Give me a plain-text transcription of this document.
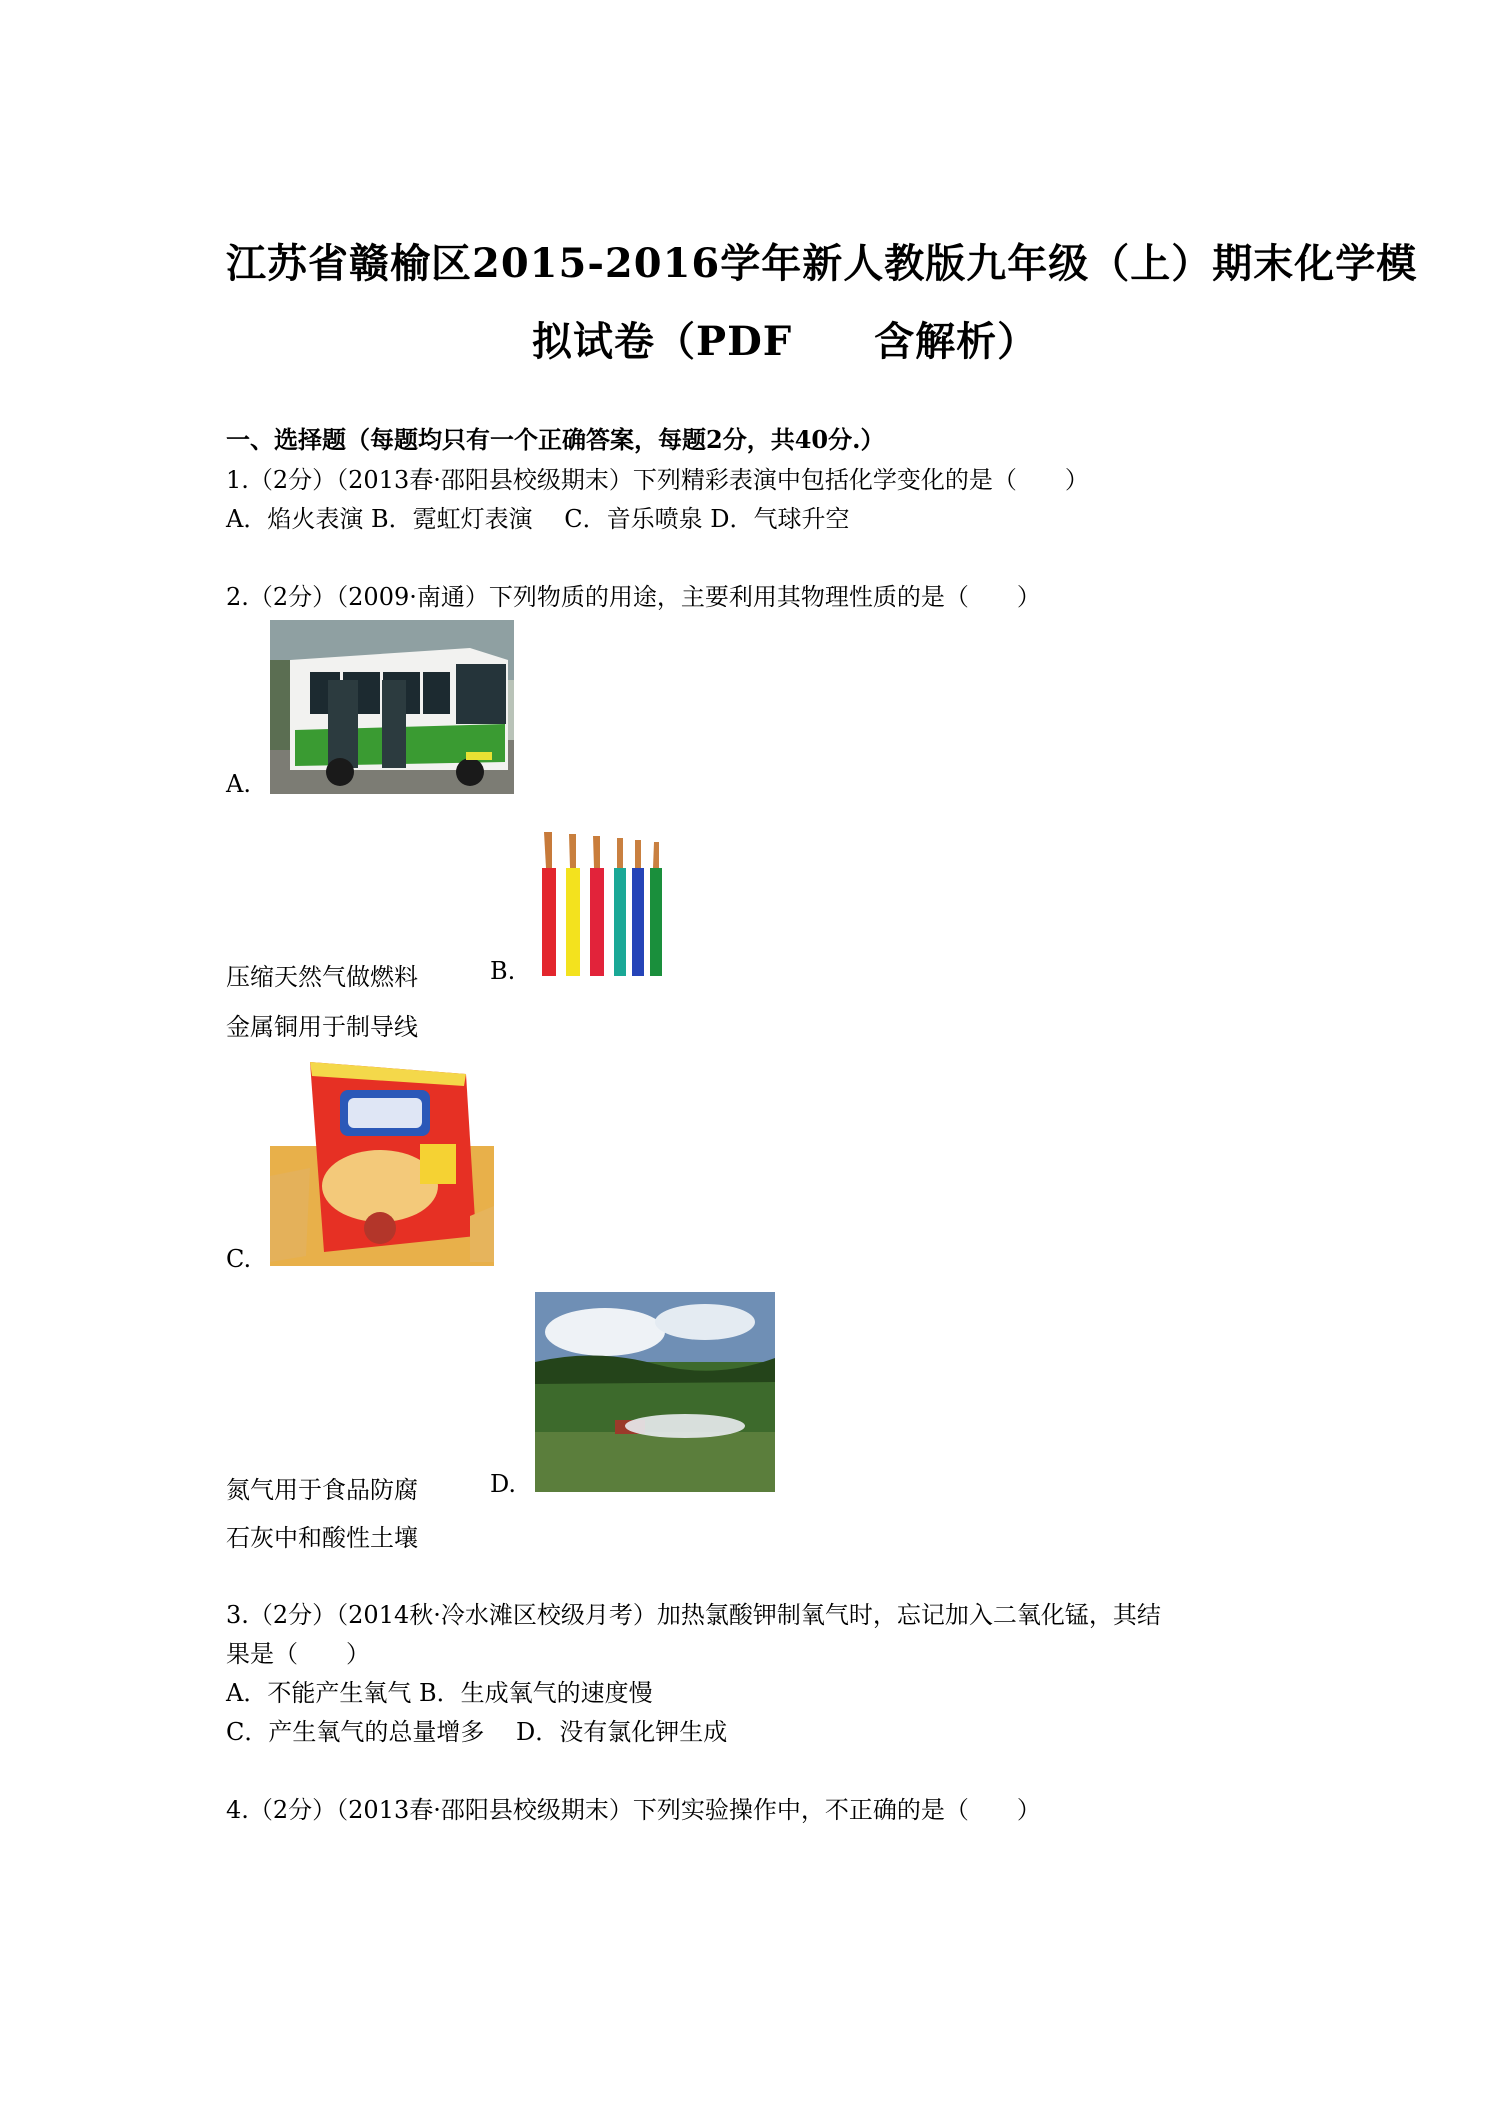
江苏省赣榆区2015-2016学年新人教版九年级（上）期末化学模
拟试卷（PDF　　含解析）
一、选择题（每题均只有一个正确答案，每题2分，共40分.）
1.（2分）（2013春·邵阳县校级期末）下列精彩表演中包括化学变化的是（　　）
A．焰火表演 B．霓虹灯表演　 C．音乐喷泉 D．气球升空
2.（2分）（2009·南通）下列物质的用途，主要利用其物理性质的是（　　）
A.
压缩天然气做燃料	B.
金属铜用于制导线
C.
氮气用于食品防腐	D.
石灰中和酸性土壤
3.（2分）（2014秋·冷水滩区校级月考）加热氯酸钾制氧气时，忘记加入二氧化锰，其结
果是（　　）
A．不能产生氧气 B．生成氧气的速度慢
C．产生氧气的总量增多　 D．没有氯化钾生成
4.（2分）（2013春·邵阳县校级期末）下列实验操作中，不正确的是（　　）
